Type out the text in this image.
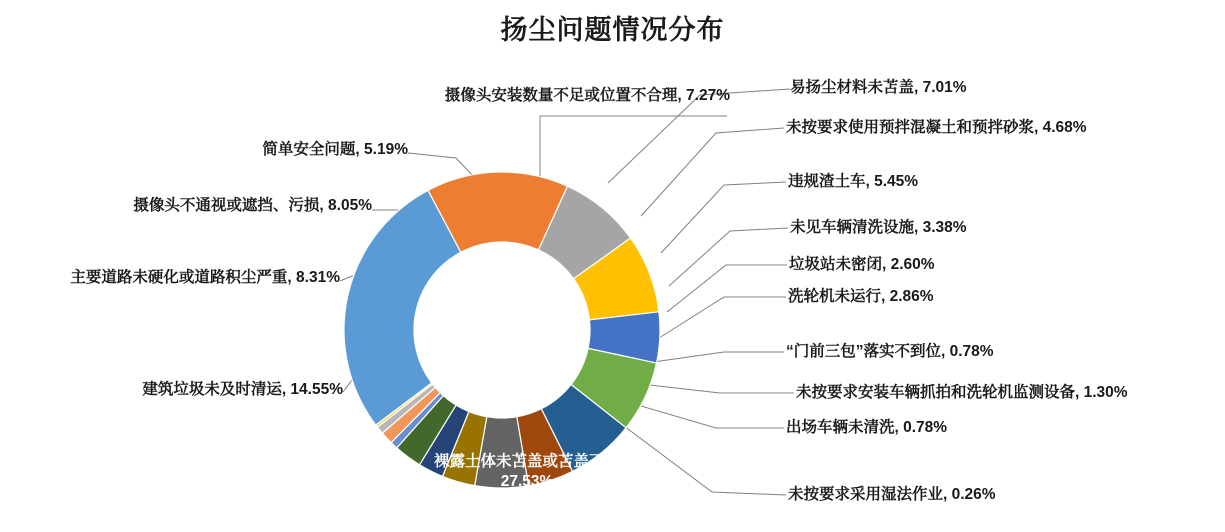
扬尘问题情况分布
裸露土体未苫盖或苫盖不严
27.53%
摄像头安装数量不足或位置不合理, 7.27%
简单安全问题, 5.19%
摄像头不通视或遮挡、污损, 8.05%
主要道路未硬化或道路积尘严重, 8.31%
建筑垃圾未及时清运, 14.55%
易扬尘材料未苫盖, 7.01%
未按要求使用预拌混凝土和预拌砂浆, 4.68%
违规渣土车, 5.45%
未见车辆清洗设施, 3.38%
垃圾站未密闭, 2.60%
洗轮机未运行, 2.86%
“门前三包”落实不到位, 0.78%
未按要求安装车辆抓拍和洗轮机监测设备, 1.30%
出场车辆未清洗, 0.78%
未按要求采用湿法作业, 0.26%
